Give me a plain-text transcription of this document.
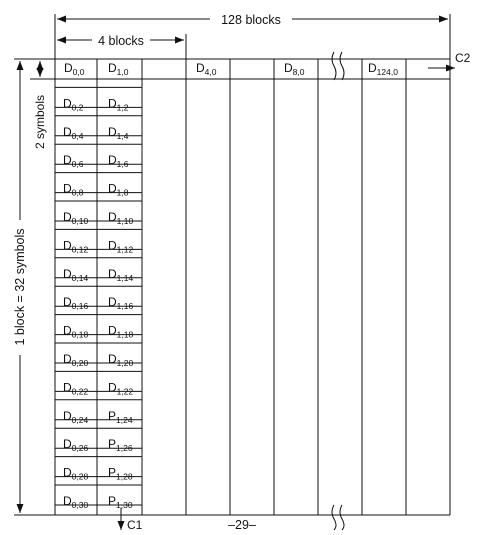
$D_{0,0}$ $D_{1,0}$	$D_{4,0}$	$D_{8,0}$	$D_{124,0}$
$D_{0,2}$ $D_{1,2}$
$D_{0,4}$ $D_{1,4}$
$D_{0,6}$ $D_{1,6}$
$D_{0,8}$ $D_{1,8}$
$D_{0,10}$ $D_{1,10}$
$D_{0,12}$ $D_{1,12}$
$D_{0,14}$ $D_{1,14}$
$D_{0,16}$ $D_{1,16}$
$D_{0,18}$ $D_{1,18}$
$D_{0,20}$ $D_{1,20}$
$D_{0,22}$ $D_{1,22}$
$D_{0,24}$ $P_{1,24}$
$D_{0,26}$ $P_{1,26}$
$D_{0,28}$ $P_{1,28}$
$D_{0,30}$ $P_{1,30}$
128 blocks
4 blocks
2 symbols
1 block = 32 symbols
C2
C1	–29–
